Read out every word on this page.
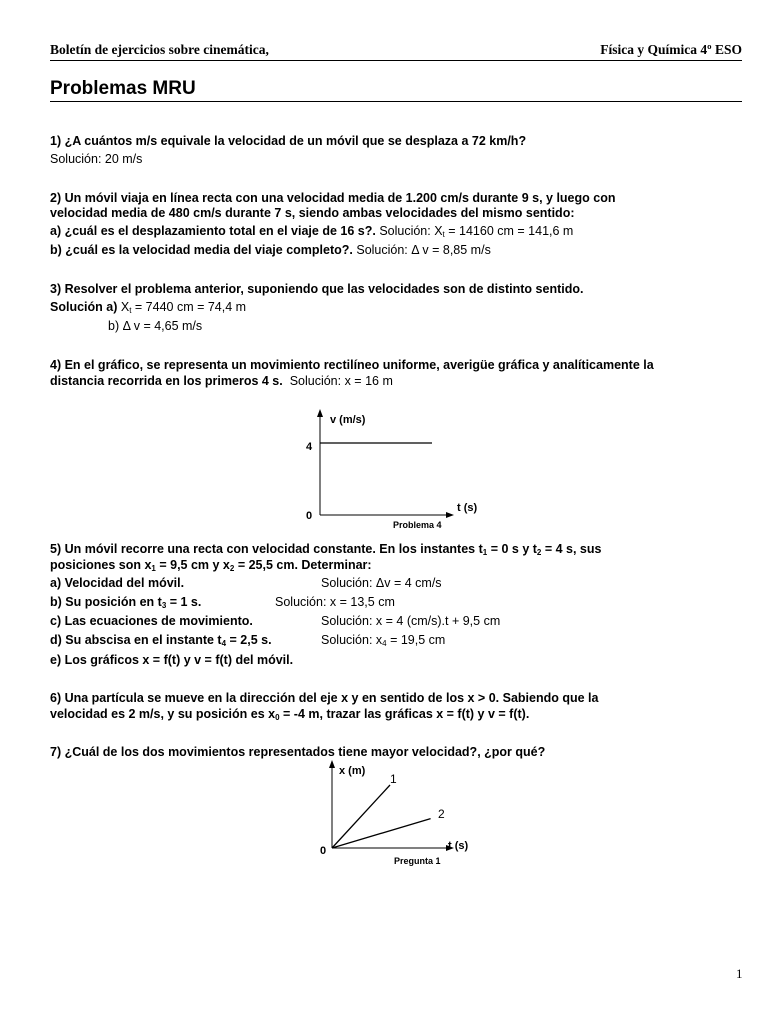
Boletín de ejercicios sobre cinemática,	Física y Química 4º ESO
Problemas MRU
1) ¿A cuántos m/s equivale la velocidad de un móvil que se desplaza a 72 km/h?
Solución: 20 m/s
2) Un móvil viaja en línea recta con una velocidad media de 1.200 cm/s durante 9 s, y luego con
velocidad media de 480 cm/s durante 7 s, siendo ambas velocidades del mismo sentido:
a) ¿cuál es el desplazamiento total en el viaje de 16 s?. Solución: $X_t = 14160$ cm = 141,6 m
b) ¿cuál es la velocidad media del viaje completo?. Solución: Δ v = 8,85 m/s
3) Resolver el problema anterior, suponiendo que las velocidades son de distinto sentido.
Solución a) $X_t = 7440$ cm = 74,4 m
b) Δ v = 4,65 m/s
4) En el gráfico, se representa un movimiento rectilíneo uniforme, averigüe gráfica y analíticamente la
distancia recorrida en los primeros 4 s. Solución: x = 16 m
v (m/s)
t (s)
0
4
Problema 4
5) Un móvil recorre una recta con velocidad constante. En los instantes $t_1 = 0$ s y $t_2 = 4$ s, sus
posiciones son $x_1 = 9,5$ cm y $x_2 = 25,5$ cm. Determinar:
a) Velocidad del móvil.	Solución: Δv = 4 cm/s
b) Su posición en $t_3 = 1$ s.	Solución: x = 13,5 cm
c) Las ecuaciones de movimiento.	Solución: x = 4 (cm/s).t + 9,5 cm
d) Su abscisa en el instante $t_4 = 2,5$ s.	Solución: $x_4 = 19,5$ cm
e) Los gráficos x = f(t) y v = f(t) del móvil.
6) Una partícula se mueve en la dirección del eje x y en sentido de los x > 0. Sabiendo que la
velocidad es 2 m/s, y su posición es $x_0 = -4$ m, trazar las gráficas x = f(t) y v = f(t).
7) ¿Cuál de los dos movimientos representados tiene mayor velocidad?, ¿por qué?
x (m)
t (s)
0
1
2
Pregunta 1
1
